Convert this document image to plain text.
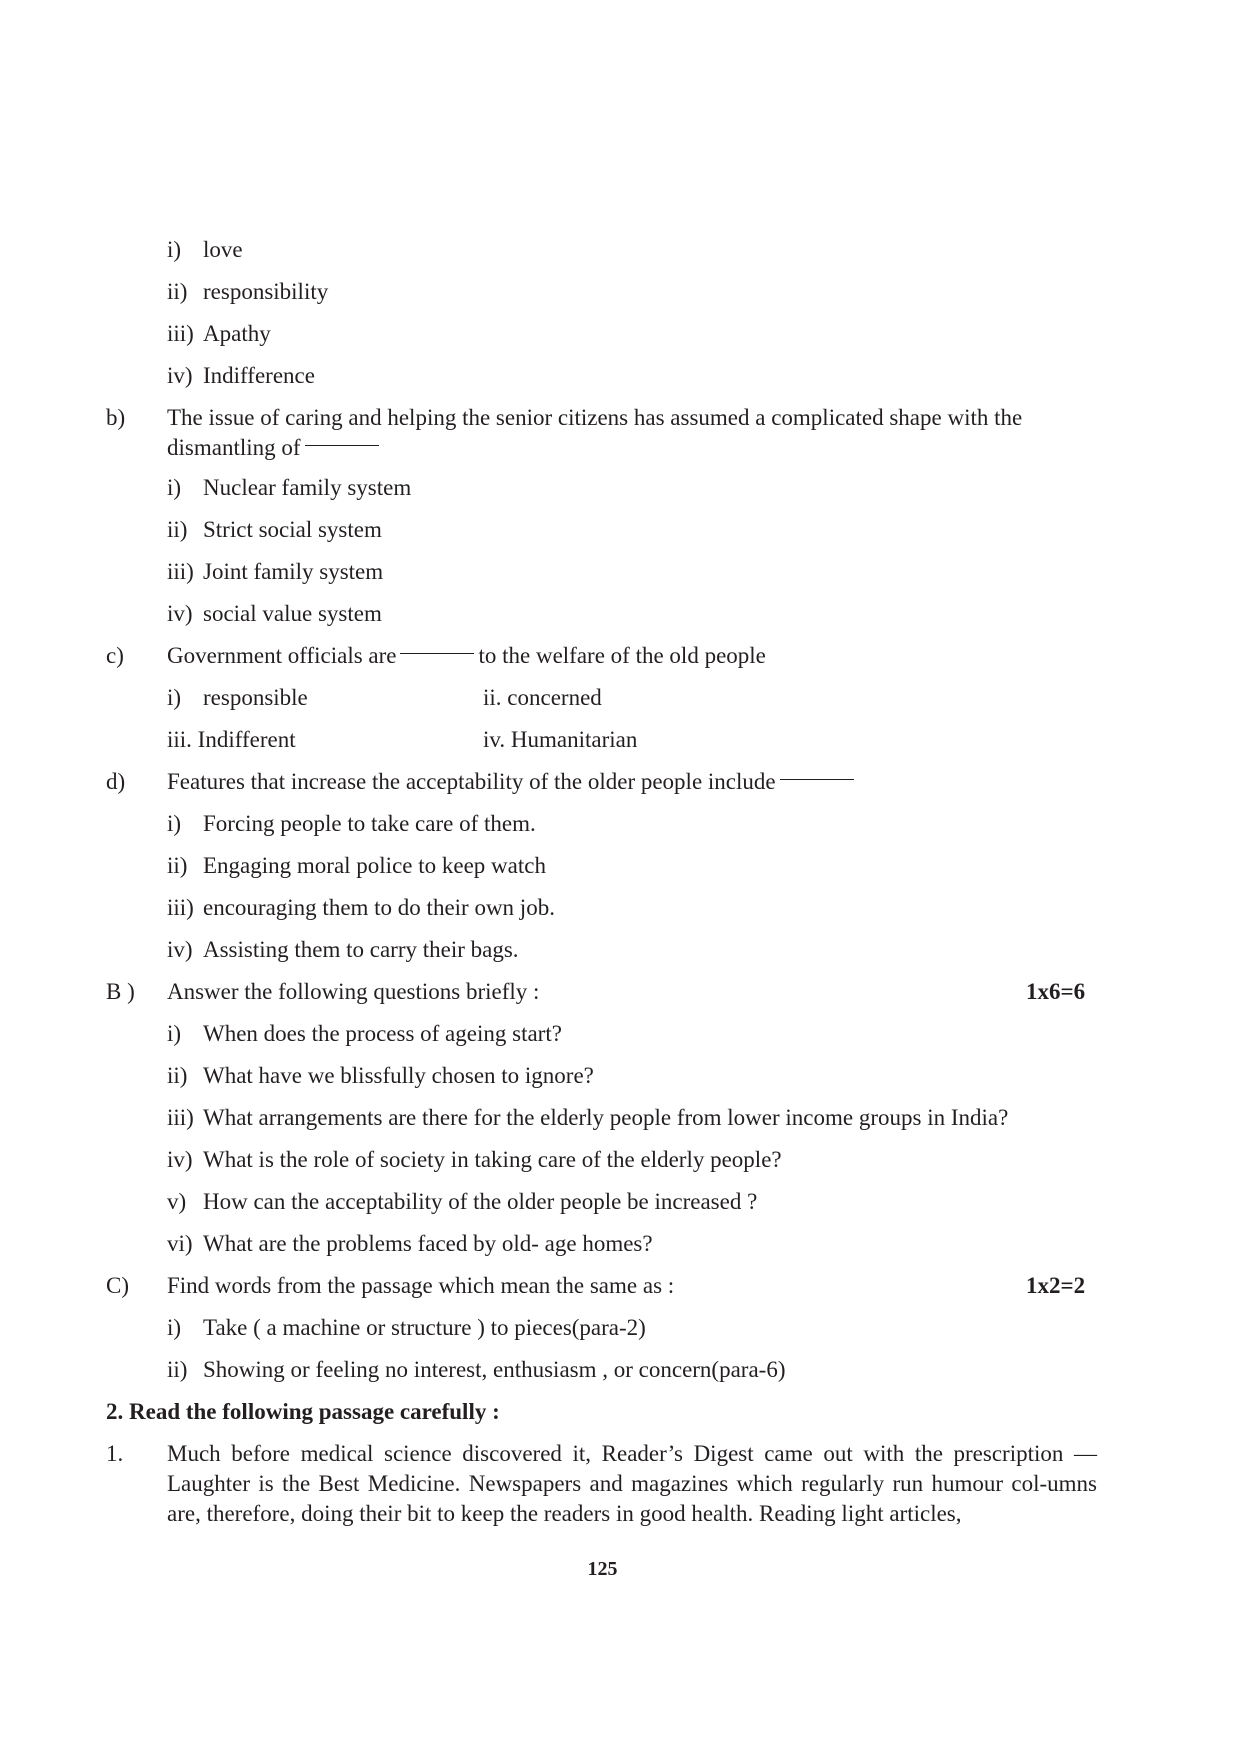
i) love
ii) responsibility
iii) Apathy
iv) Indifference
b) The issue of caring and helping the senior citizens has assumed a complicated shape with the
dismantling of
i) Nuclear family system
ii) Strict social system
iii) Joint family system
iv) social value system
c) Government officials are	to the welfare of the old people
i) responsible	ii. concerned
iii. Indifferent	iv. Humanitarian
d) Features that increase the acceptability of the older people include
i) Forcing people to take care of them.
ii) Engaging moral police to keep watch
iii) encouraging them to do their own job.
iv) Assisting them to carry their bags.
B ) Answer the following questions briefly :	1x6=6
i) When does the process of ageing start?
ii) What have we blissfully chosen to ignore?
iii) What arrangements are there for the elderly people from lower income groups in India?
iv) What is the role of society in taking care of the elderly people?
v) How can the acceptability of the older people be increased ?
vi) What are the problems faced by old- age homes?
C) Find words from the passage which mean the same as :	1x2=2
i) Take ( a machine or structure ) to pieces(para-2)
ii) Showing or feeling no interest, enthusiasm , or concern(para-6)
2. Read the following passage carefully :
1. Much before medical science discovered it, Reader’s Digest came out with the prescription — Laughter is the Best Medicine. Newspapers and magazines which regularly run humour col-umns are, therefore, doing their bit to keep the readers in good health. Reading light articles,
125
